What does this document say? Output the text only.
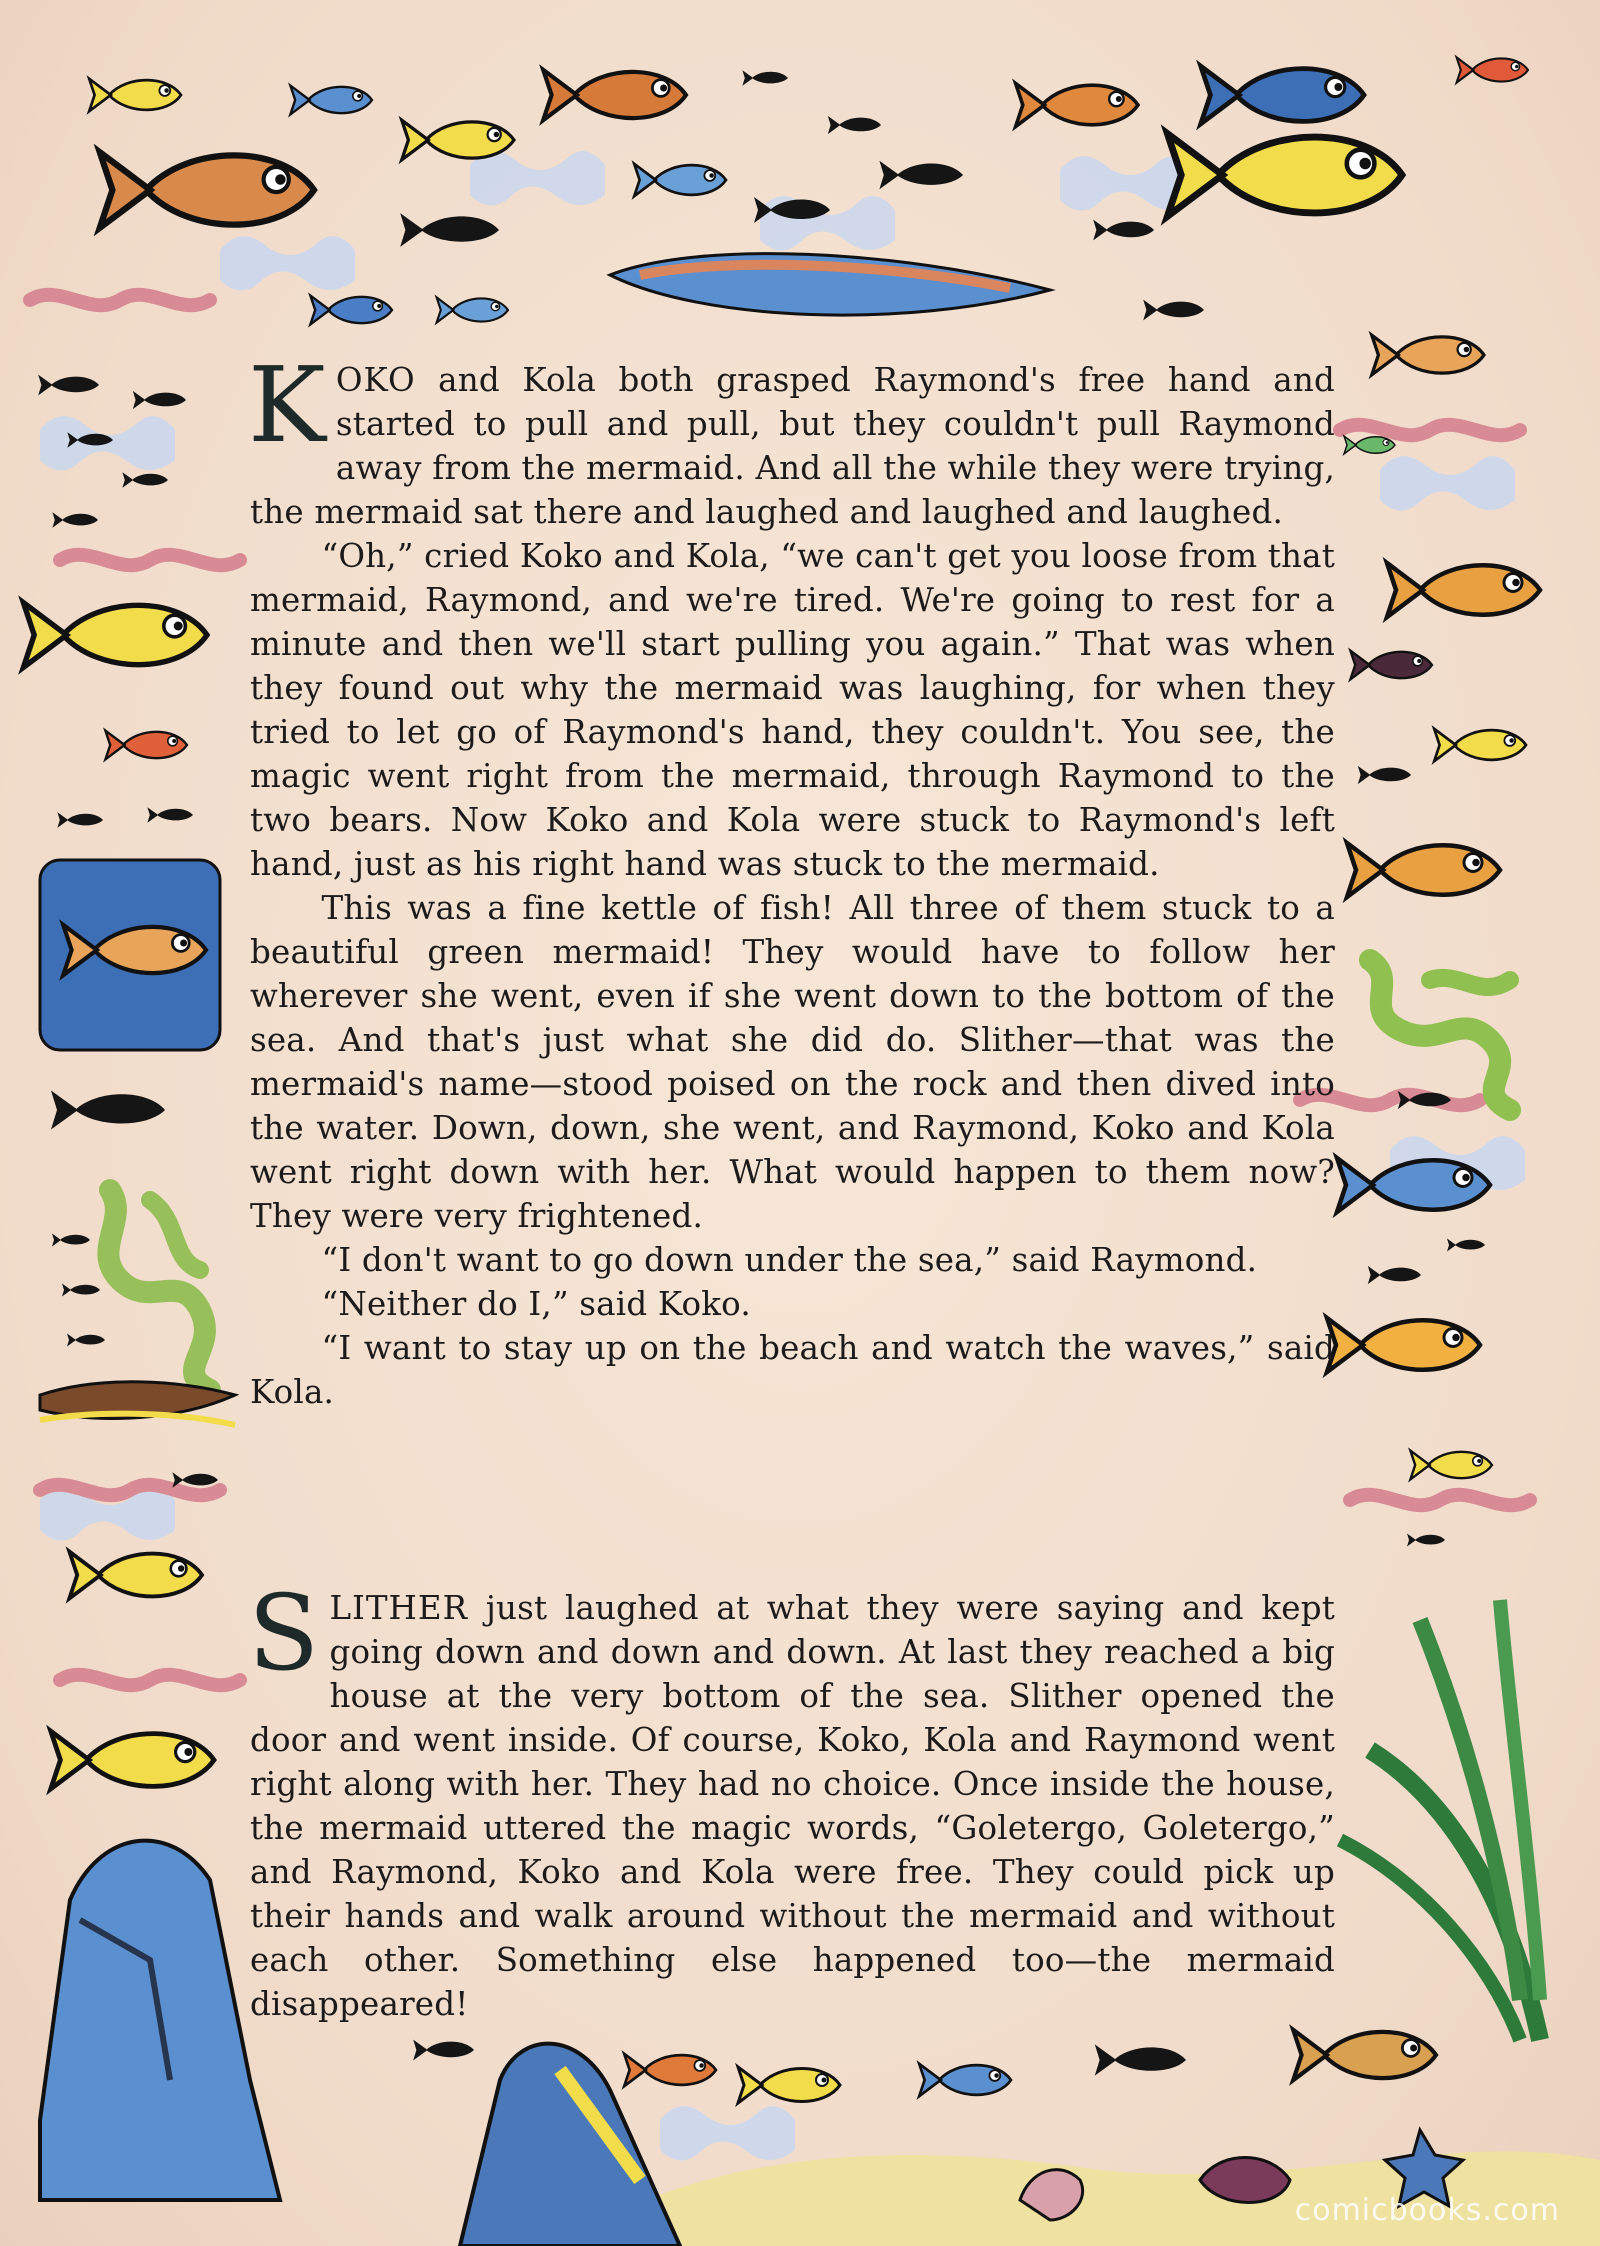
KOKO and Kola both grasped Raymond's free hand and started to pull and pull, but they couldn't pull Raymond away from the mermaid. And all the while they were trying, the mermaid sat there and laughed and laughed and laughed.

“Oh,” cried Koko and Kola, “we can't get you loose from that mermaid, Raymond, and we're tired. We're going to rest for a minute and then we'll start pulling you again.” That was when they found out why the mermaid was laughing, for when they tried to let go of Raymond's hand, they couldn't. You see, the magic went right from the mermaid, through Raymond to the two bears. Now Koko and Kola were stuck to Raymond's left hand, just as his right hand was stuck to the mermaid.

This was a fine kettle of fish! All three of them stuck to a beautiful green mermaid! They would have to follow her wherever she went, even if she went down to the bottom of the sea. And that's just what she did do. Slither—that was the mermaid's name—stood poised on the rock and then dived into the water. Down, down, she went, and Raymond, Koko and Kola went right down with her. What would happen to them now? They were very frightened.

“I don't want to go down under the sea,” said Raymond.

“Neither do I,” said Koko.

“I want to stay up on the beach and watch the waves,” said Kola.

SLITHER just laughed at what they were saying and kept going down and down and down. At last they reached a big house at the very bottom of the sea. Slither opened the door and went inside. Of course, Koko, Kola and Raymond went right along with her. They had no choice. Once inside the house, the mermaid uttered the magic words, “Goletergo, Goletergo,” and Raymond, Koko and Kola were free. They could pick up their hands and walk around without the mermaid and without each other. Something else happened too—the mermaid disappeared!

comicbooks.com
